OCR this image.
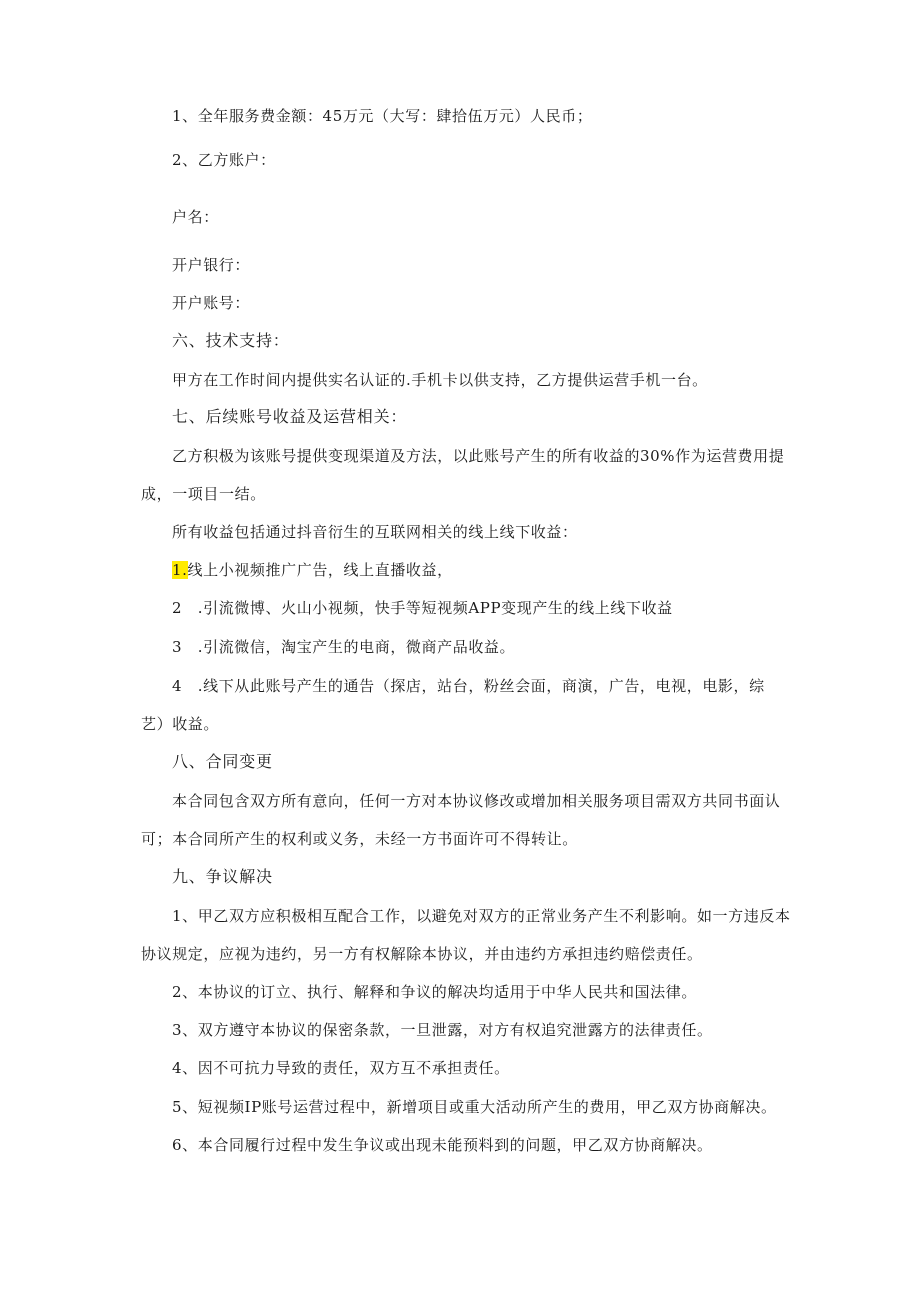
1、全年服务费金额：45万元（大写：肆拾伍万元）人民币；
2、乙方账户：
户名：
开户银行：
开户账号：
六、技术支持：
甲方在工作时间内提供实名认证的.手机卡以供支持，乙方提供运营手机一台。
七、后续账号收益及运营相关：
乙方积极为该账号提供变现渠道及方法，以此账号产生的所有收益的30%作为运营费用提
成，一项目一结。
所有收益包括通过抖音衍生的互联网相关的线上线下收益：
1.线上小视频推广广告，线上直播收益，
2　.引流微博、火山小视频，快手等短视频APP变现产生的线上线下收益
3　.引流微信，淘宝产生的电商，微商产品收益。
4　.线下从此账号产生的通告（探店，站台，粉丝会面，商演，广告，电视，电影，综
艺）收益。
八、合同变更
本合同包含双方所有意向，任何一方对本协议修改或增加相关服务项目需双方共同书面认
可；本合同所产生的权利或义务，未经一方书面许可不得转让。
九、争议解决
1、甲乙双方应积极相互配合工作，以避免对双方的正常业务产生不利影响。如一方违反本
协议规定，应视为违约，另一方有权解除本协议，并由违约方承担违约赔偿责任。
2、本协议的订立、执行、解释和争议的解决均适用于中华人民共和国法律。
3、双方遵守本协议的保密条款，一旦泄露，对方有权追究泄露方的法律责任。
4、因不可抗力导致的责任，双方互不承担责任。
5、短视频IP账号运营过程中，新增项目或重大活动所产生的费用，甲乙双方协商解决。
6、本合同履行过程中发生争议或出现未能预料到的问题，甲乙双方协商解决。
